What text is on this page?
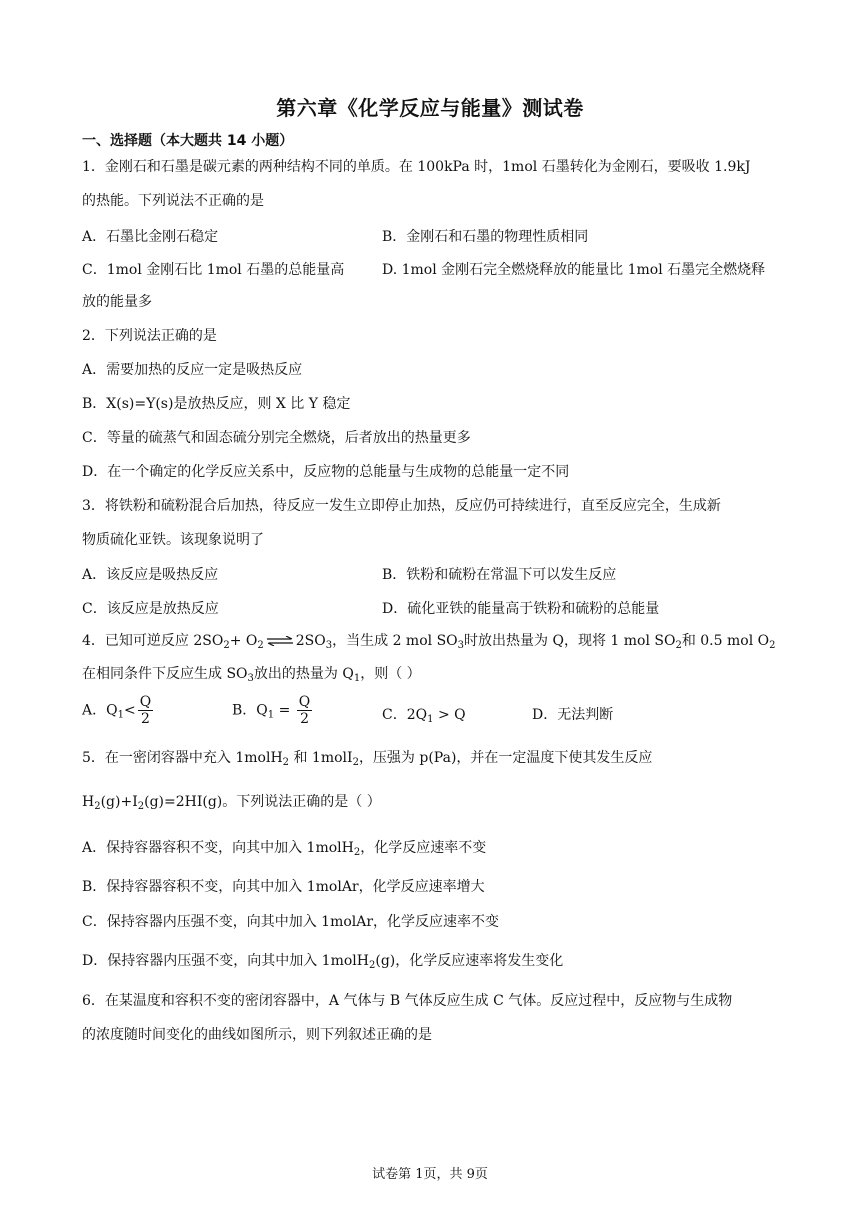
第六章《化学反应与能量》测试卷
一、选择题（本大题共 14 小题）
1．金刚石和石墨是碳元素的两种结构不同的单质。在 100kPa 时，1mol 石墨转化为金刚石，要吸收 1.9kJ
的热能。下列说法不正确的是
A．石墨比金刚石稳定	B．金刚石和石墨的物理性质相同
C．1mol 金刚石比 1mol 石墨的总能量高	D. 1mol 金刚石完全燃烧释放的能量比 1mol 石墨完全燃烧释
放的能量多
2．下列说法正确的是
A．需要加热的反应一定是吸热反应
B．X(s)=Y(s)是放热反应，则 X 比 Y 稳定
C．等量的硫蒸气和固态硫分别完全燃烧，后者放出的热量更多
D．在一个确定的化学反应关系中，反应物的总能量与生成物的总能量一定不同
3．将铁粉和硫粉混合后加热，待反应一发生立即停止加热，反应仍可持续进行，直至反应完全，生成新
物质硫化亚铁。该现象说明了
A．该反应是吸热反应	B．铁粉和硫粉在常温下可以发生反应
C．该反应是放热反应	D．硫化亚铁的能量高于铁粉和硫粉的总能量
4．已知可逆反应 $2SO_2+ O_2$ ⇌ $2SO_3$，当生成 2 mol $SO_3$时放出热量为 Q，现将 1 mol $SO_2$和 0.5 mol $O_2$
在相同条件下反应生成 $SO_3$放出的热量为 $Q_1$，则（ ）
A．$Q_1< \frac{Q}{2}$	B．$Q_1 = \frac{Q}{2}$	C．$2Q_1 > Q$	D．无法判断
5．在一密闭容器中充入 1molH$_2$ 和 1molI$_2$，压强为 p(Pa)，并在一定温度下使其发生反应
$H_2(g)+I_2(g)=2HI(g)$。下列说法正确的是（ ）
A．保持容器容积不变，向其中加入 1molH$_2$，化学反应速率不变
B．保持容器容积不变，向其中加入 1molAr，化学反应速率增大
C．保持容器内压强不变，向其中加入 1molAr，化学反应速率不变
D．保持容器内压强不变，向其中加入 1molH$_2$(g)，化学反应速率将发生变化
6．在某温度和容积不变的密闭容器中，A 气体与 B 气体反应生成 C 气体。反应过程中，反应物与生成物
的浓度随时间变化的曲线如图所示，则下列叙述正确的是
试卷第 1页，共 9页
